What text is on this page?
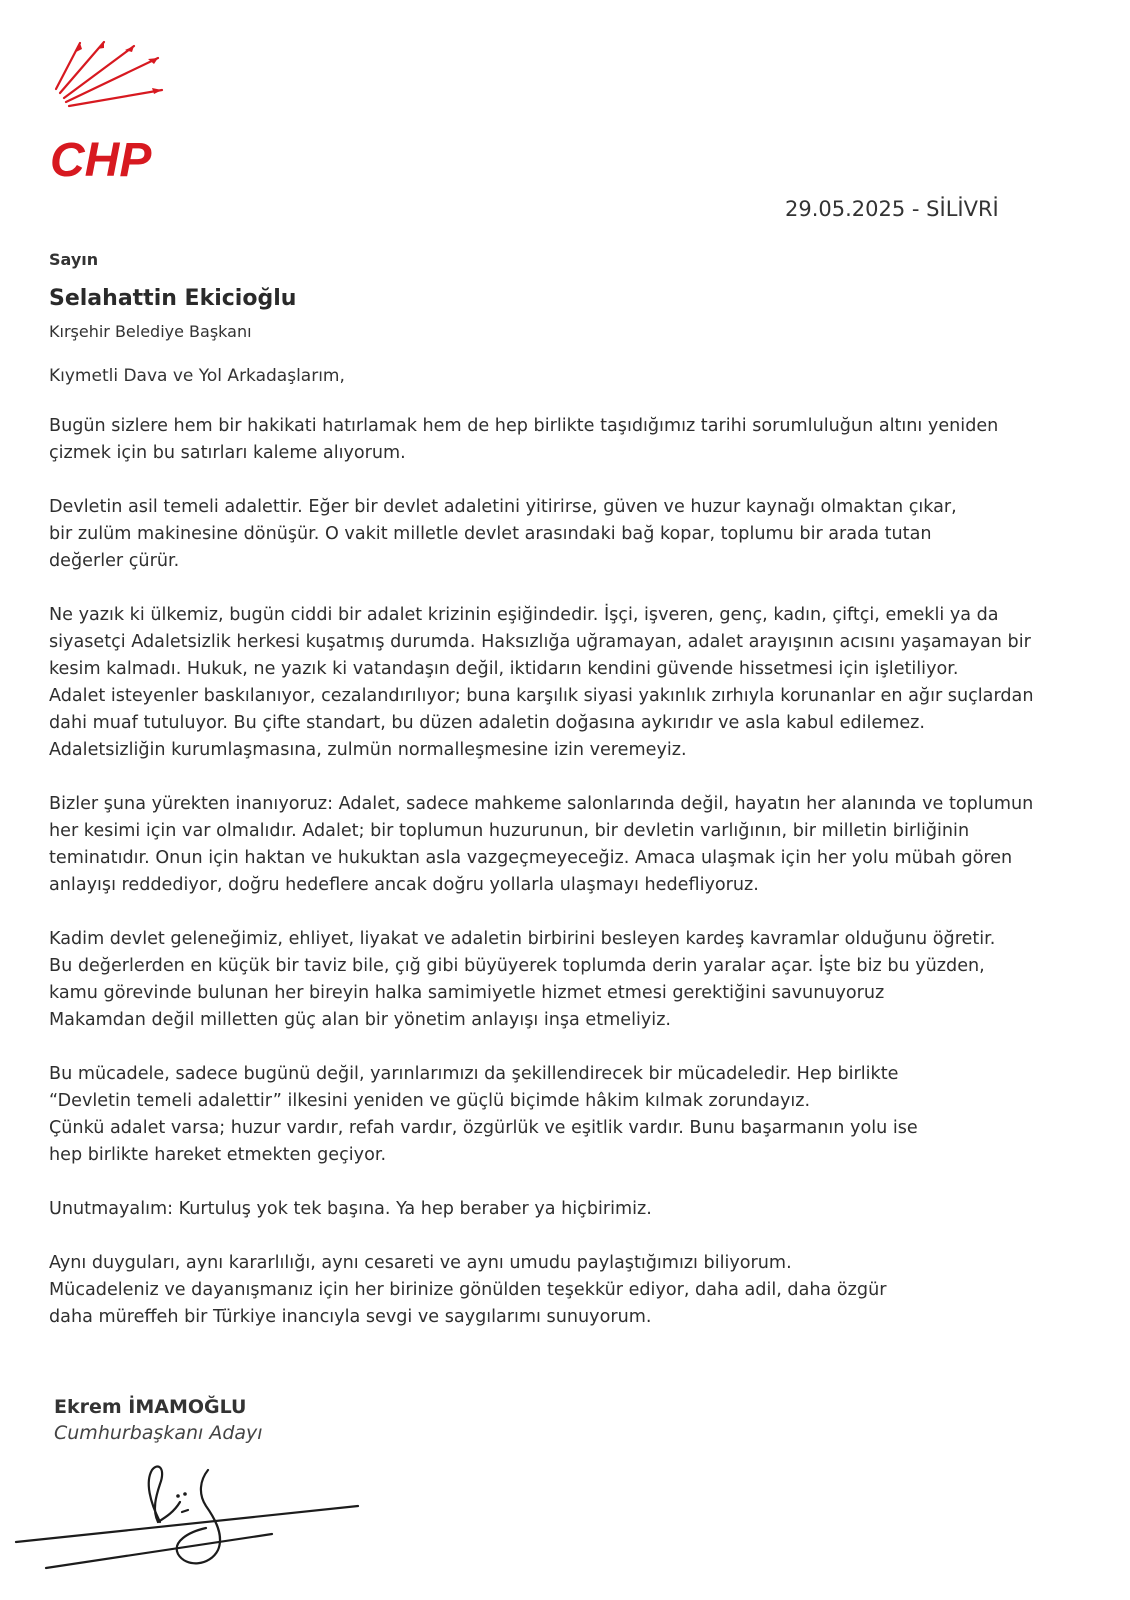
CHP
29.05.2025 - SİLİVRİ
Sayın
Selahattin Ekicioğlu
Kırşehir Belediye Başkanı
Kıymetli Dava ve Yol Arkadaşlarım,
Bugün sizlere hem bir hakikati hatırlamak hem de hep birlikte taşıdığımız tarihi sorumluluğun altını yeniden
çizmek için bu satırları kaleme alıyorum.
Devletin asil temeli adalettir. Eğer bir devlet adaletini yitirirse, güven ve huzur kaynağı olmaktan çıkar,
bir zulüm makinesine dönüşür. O vakit milletle devlet arasındaki bağ kopar, toplumu bir arada tutan
değerler çürür.
Ne yazık ki ülkemiz, bugün ciddi bir adalet krizinin eşiğindedir. İşçi, işveren, genç, kadın, çiftçi, emekli ya da
siyasetçi Adaletsizlik herkesi kuşatmış durumda. Haksızlığa uğramayan, adalet arayışının acısını yaşamayan bir
kesim kalmadı. Hukuk, ne yazık ki vatandaşın değil, iktidarın kendini güvende hissetmesi için işletiliyor.
Adalet isteyenler baskılanıyor, cezalandırılıyor; buna karşılık siyasi yakınlık zırhıyla korunanlar en ağır suçlardan
dahi muaf tutuluyor. Bu çifte standart, bu düzen adaletin doğasına aykırıdır ve asla kabul edilemez.
Adaletsizliğin kurumlaşmasına, zulmün normalleşmesine izin veremeyiz.
Bizler şuna yürekten inanıyoruz: Adalet, sadece mahkeme salonlarında değil, hayatın her alanında ve toplumun
her kesimi için var olmalıdır. Adalet; bir toplumun huzurunun, bir devletin varlığının, bir milletin birliğinin
teminatıdır. Onun için haktan ve hukuktan asla vazgeçmeyeceğiz. Amaca ulaşmak için her yolu mübah gören
anlayışı reddediyor, doğru hedeflere ancak doğru yollarla ulaşmayı hedefliyoruz.
Kadim devlet geleneğimiz, ehliyet, liyakat ve adaletin birbirini besleyen kardeş kavramlar olduğunu öğretir.
Bu değerlerden en küçük bir taviz bile, çığ gibi büyüyerek toplumda derin yaralar açar. İşte biz bu yüzden,
kamu görevinde bulunan her bireyin halka samimiyetle hizmet etmesi gerektiğini savunuyoruz
Makamdan değil milletten güç alan bir yönetim anlayışı inşa etmeliyiz.
Bu mücadele, sadece bugünü değil, yarınlarımızı da şekillendirecek bir mücadeledir. Hep birlikte
“Devletin temeli adalettir” ilkesini yeniden ve güçlü biçimde hâkim kılmak zorundayız.
Çünkü adalet varsa; huzur vardır, refah vardır, özgürlük ve eşitlik vardır. Bunu başarmanın yolu ise
hep birlikte hareket etmekten geçiyor.
Unutmayalım: Kurtuluş yok tek başına. Ya hep beraber ya hiçbirimiz.
Aynı duyguları, aynı kararlılığı, aynı cesareti ve aynı umudu paylaştığımızı biliyorum.
Mücadeleniz ve dayanışmanız için her birinize gönülden teşekkür ediyor, daha adil, daha özgür
daha müreffeh bir Türkiye inancıyla sevgi ve saygılarımı sunuyorum.
Ekrem İMAMOĞLU
Cumhurbaşkanı Adayı
